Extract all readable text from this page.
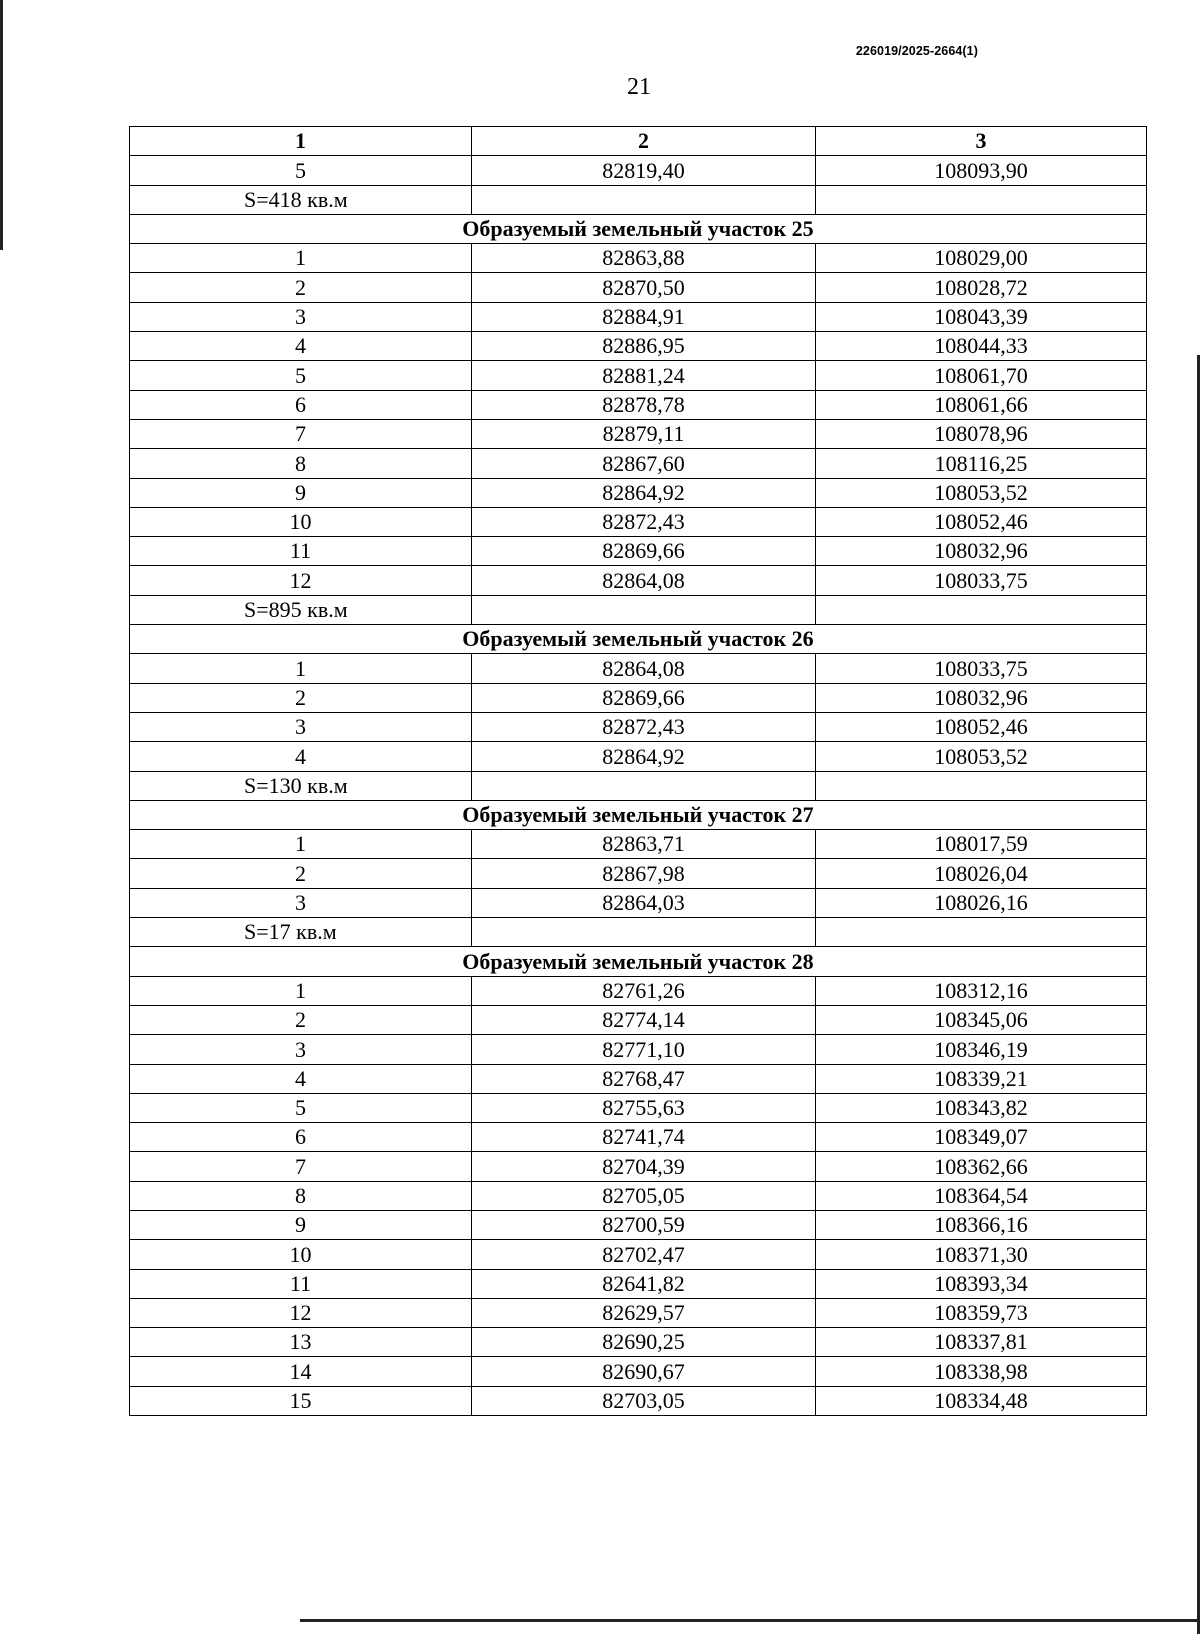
226019/2025-2664(1)
21
1	2	3
5	82819,40	108093,90
S=418 кв.м		
Образуемый земельный участок 25		
1	82863,88	108029,00
2	82870,50	108028,72
3	82884,91	108043,39
4	82886,95	108044,33
5	82881,24	108061,70
6	82878,78	108061,66
7	82879,11	108078,96
8	82867,60	108116,25
9	82864,92	108053,52
10	82872,43	108052,46
11	82869,66	108032,96
12	82864,08	108033,75
S=895 кв.м		
Образуемый земельный участок 26		
1	82864,08	108033,75
2	82869,66	108032,96
3	82872,43	108052,46
4	82864,92	108053,52
S=130 кв.м		
Образуемый земельный участок 27		
1	82863,71	108017,59
2	82867,98	108026,04
3	82864,03	108026,16
S=17 кв.м		
Образуемый земельный участок 28		
1	82761,26	108312,16
2	82774,14	108345,06
3	82771,10	108346,19
4	82768,47	108339,21
5	82755,63	108343,82
6	82741,74	108349,07
7	82704,39	108362,66
8	82705,05	108364,54
9	82700,59	108366,16
10	82702,47	108371,30
11	82641,82	108393,34
12	82629,57	108359,73
13	82690,25	108337,81
14	82690,67	108338,98
15	82703,05	108334,48
